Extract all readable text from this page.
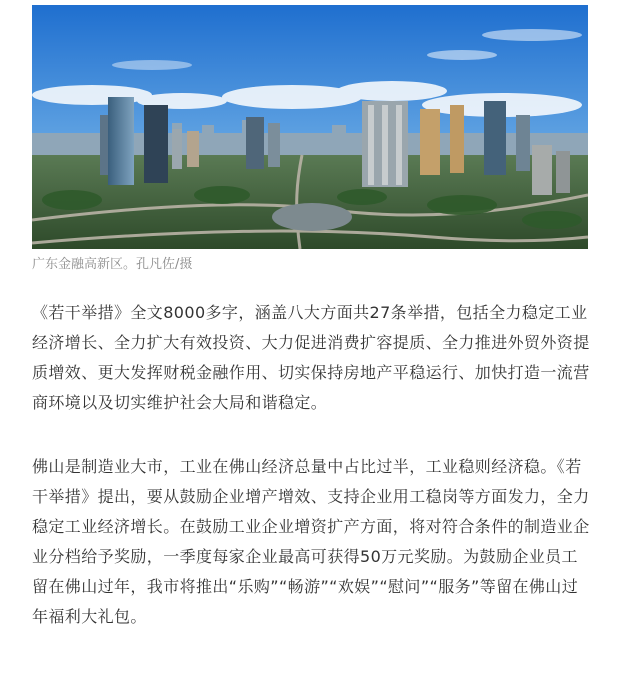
广东金融高新区。孔凡佐/摄

《若干举措》全文8000多字，涵盖八大方面共27条举措，包括全力稳定工业经济增长、全力扩大有效投资、大力促进消费扩容提质、全力推进外贸外资提质增效、更大发挥财税金融作用、切实保持房地产平稳运行、加快打造一流营商环境以及切实维护社会大局和谐稳定。

佛山是制造业大市，工业在佛山经济总量中占比过半，工业稳则经济稳。《若干举措》提出，要从鼓励企业增产增效、支持企业用工稳岗等方面发力，全力稳定工业经济增长。在鼓励工业企业增资扩产方面，将对符合条件的制造业企业分档给予奖励，一季度每家企业最高可获得50万元奖励。为鼓励企业员工留在佛山过年，我市将推出“乐购”“畅游”“欢娱”“慰问”“服务”等留在佛山过年福利大礼包。
